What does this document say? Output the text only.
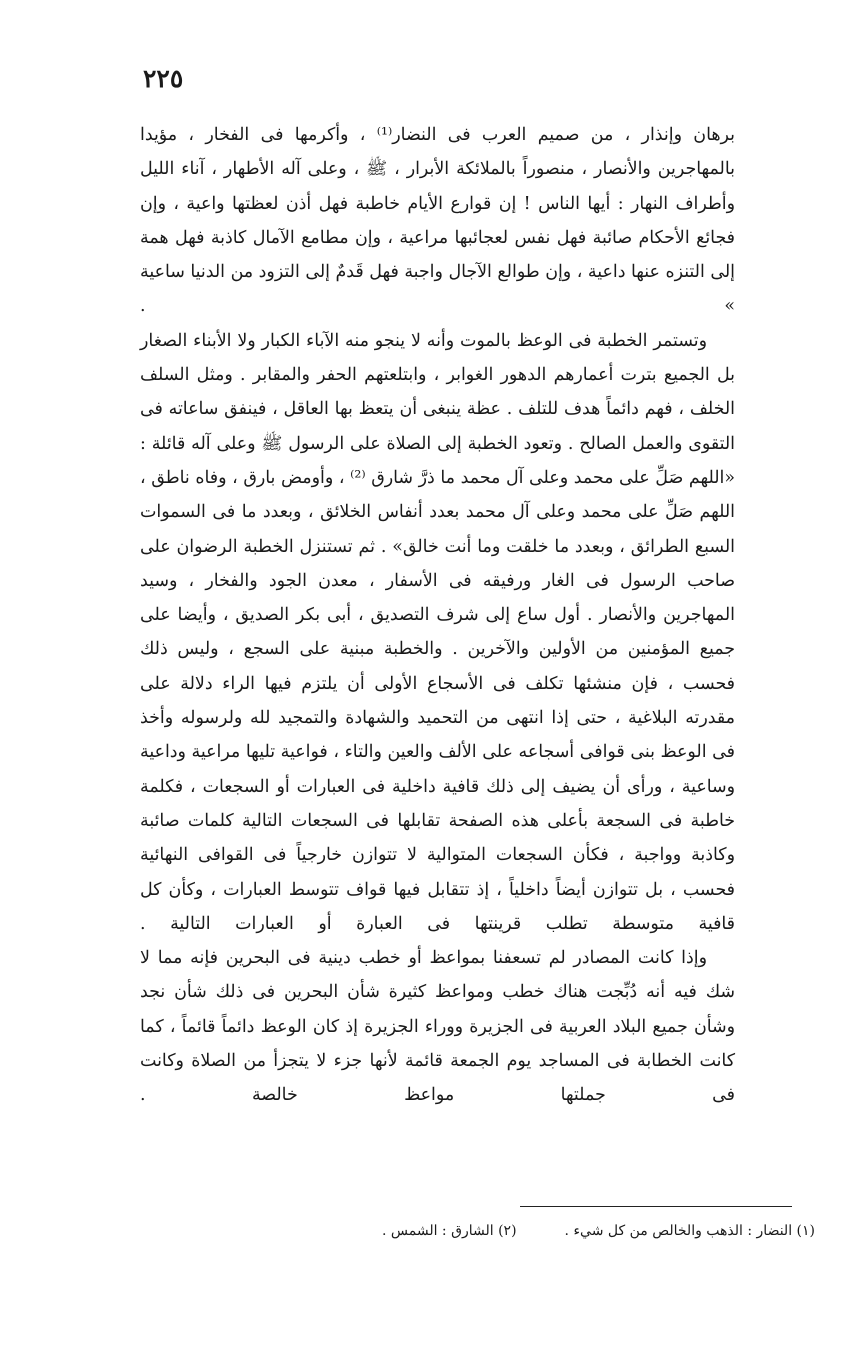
٢٢٥

برهان وإنذار ، من صميم العرب فى النضار⁽¹⁾ ، وأكرمها فى الفخار ، مؤيدا بالمهاجرين والأنصار ، منصوراً بالملائكة الأبرار ، ﷺ ، وعلى آله الأطهار ، آناء الليل وأطراف النهار : أيها الناس ! إن قوارع الأيام خاطبة فهل أذن لعظتها واعية ، وإن فجائع الأحكام صائبة فهل نفس لعجائبها مراعية ، وإن مطامع الآمال كاذبة فهل همة إلى التنزه عنها داعية ، وإن طوالع الآجال واجبة فهل قَدمٌ إلى التزود من الدنيا ساعية » .

وتستمر الخطبة فى الوعظ بالموت وأنه لا ينجو منه الآباء الكبار ولا الأبناء الصغار بل الجميع بترت أعمارهم الدهور الغوابر ، وابتلعتهم الحفر والمقابر . ومثل السلف الخلف ، فهم دائماً هدف للتلف . عظة ينبغى أن يتعظ بها العاقل ، فينفق ساعاته فى التقوى والعمل الصالح . وتعود الخطبة إلى الصلاة على الرسول ﷺ وعلى آله قائلة : «اللهم صَلِّ على محمد وعلى آل محمد ما ذرَّ شارق ⁽²⁾ ، وأومض بارق ، وفاه ناطق ، اللهم صَلِّ على محمد وعلى آل محمد بعدد أنفاس الخلائق ، وبعدد ما فى السموات السبع الطرائق ، وبعدد ما خلقت وما أنت خالق» . ثم تستنزل الخطبة الرضوان على صاحب الرسول فى الغار ورفيقه فى الأسفار ، معدن الجود والفخار ، وسيد المهاجرين والأنصار . أول ساع إلى شرف التصديق ، أبى بكر الصديق ، وأيضا على جميع المؤمنين من الأولين والآخرين . والخطبة مبنية على السجع ، وليس ذلك فحسب ، فإن منشئها تكلف فى الأسجاع الأولى أن يلتزم فيها الراء دلالة على مقدرته البلاغية ، حتى إذا انتهى من التحميد والشهادة والتمجيد لله ولرسوله وأخذ فى الوعظ بنى قوافى أسجاعه على الألف والعين والتاء ، فواعية تليها مراعية وداعية وساعية ، ورأى أن يضيف إلى ذلك قافية داخلية فى العبارات أو السجعات ، فكلمة خاطبة فى السجعة بأعلى هذه الصفحة تقابلها فى السجعات التالية كلمات صائبة وكاذبة وواجبة ، فكأن السجعات المتوالية لا تتوازن خارجياً فى القوافى النهائية فحسب ، بل تتوازن أيضاً داخلياً ، إذ تتقابل فيها قواف تتوسط العبارات ، وكأن كل قافية متوسطة تطلب قرينتها فى العبارة أو العبارات التالية .

وإذا كانت المصادر لم تسعفنا بمواعظ أو خطب دينية فى البحرين فإنه مما لا شك فيه أنه دُبِّجت هناك خطب ومواعظ كثيرة شأن البحرين فى ذلك شأن نجد وشأن جميع البلاد العربية فى الجزيرة ووراء الجزيرة إذ كان الوعظ دائماً قائماً ، كما كانت الخطابة فى المساجد يوم الجمعة قائمة لأنها جزء لا يتجزأ من الصلاة وكانت فى جملتها مواعظ خالصة .

(١) النضار : الذهب والخالص من كل شيء .
(٢) الشارق : الشمس .
